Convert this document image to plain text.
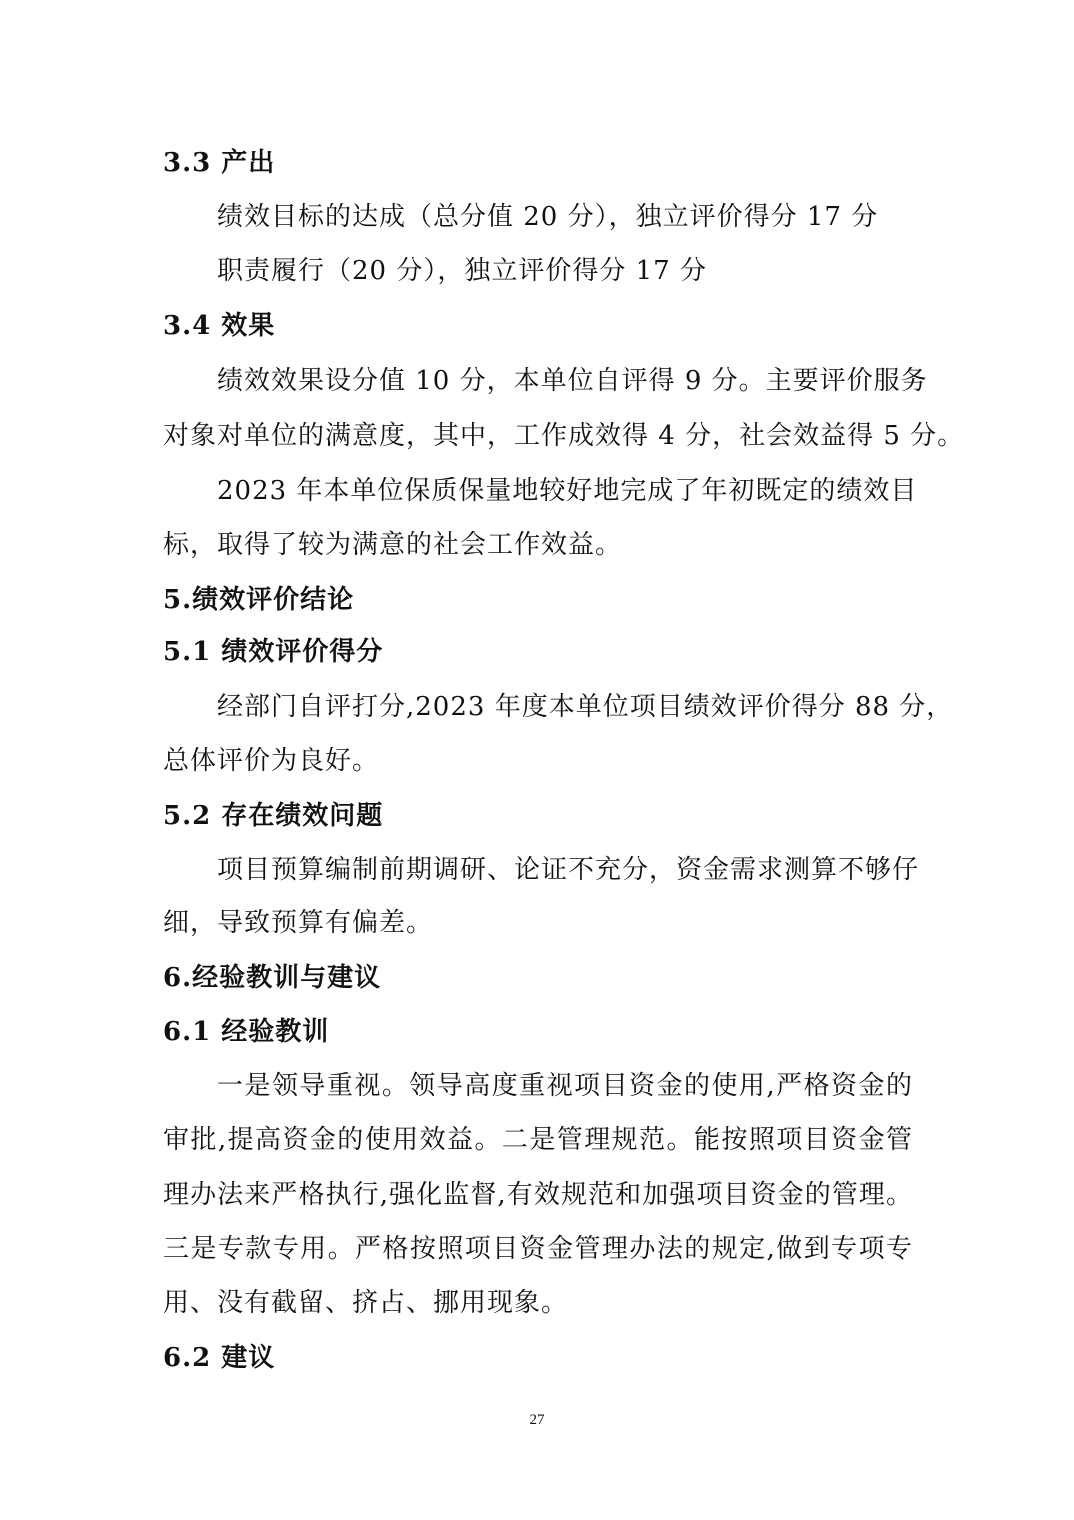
3.3 产出
绩效目标的达成（总分值 20 分），独立评价得分 17 分
职责履行（20 分），独立评价得分 17 分
3.4 效果
绩效效果设分值 10 分，本单位自评得 9 分。主要评价服务
对象对单位的满意度，其中，工作成效得 4 分，社会效益得 5 分。
2023 年本单位保质保量地较好地完成了年初既定的绩效目
标，取得了较为满意的社会工作效益。
5.绩效评价结论
5.1 绩效评价得分
经部门自评打分,2023 年度本单位项目绩效评价得分 88 分，
总体评价为良好。
5.2 存在绩效问题
项目预算编制前期调研、论证不充分，资金需求测算不够仔
细，导致预算有偏差。
6.经验教训与建议
6.1 经验教训
一是领导重视。领导高度重视项目资金的使用,严格资金的
审批,提高资金的使用效益。二是管理规范。能按照项目资金管
理办法来严格执行,强化监督,有效规范和加强项目资金的管理。
三是专款专用。严格按照项目资金管理办法的规定,做到专项专
用、没有截留、挤占、挪用现象。
6.2 建议
27
